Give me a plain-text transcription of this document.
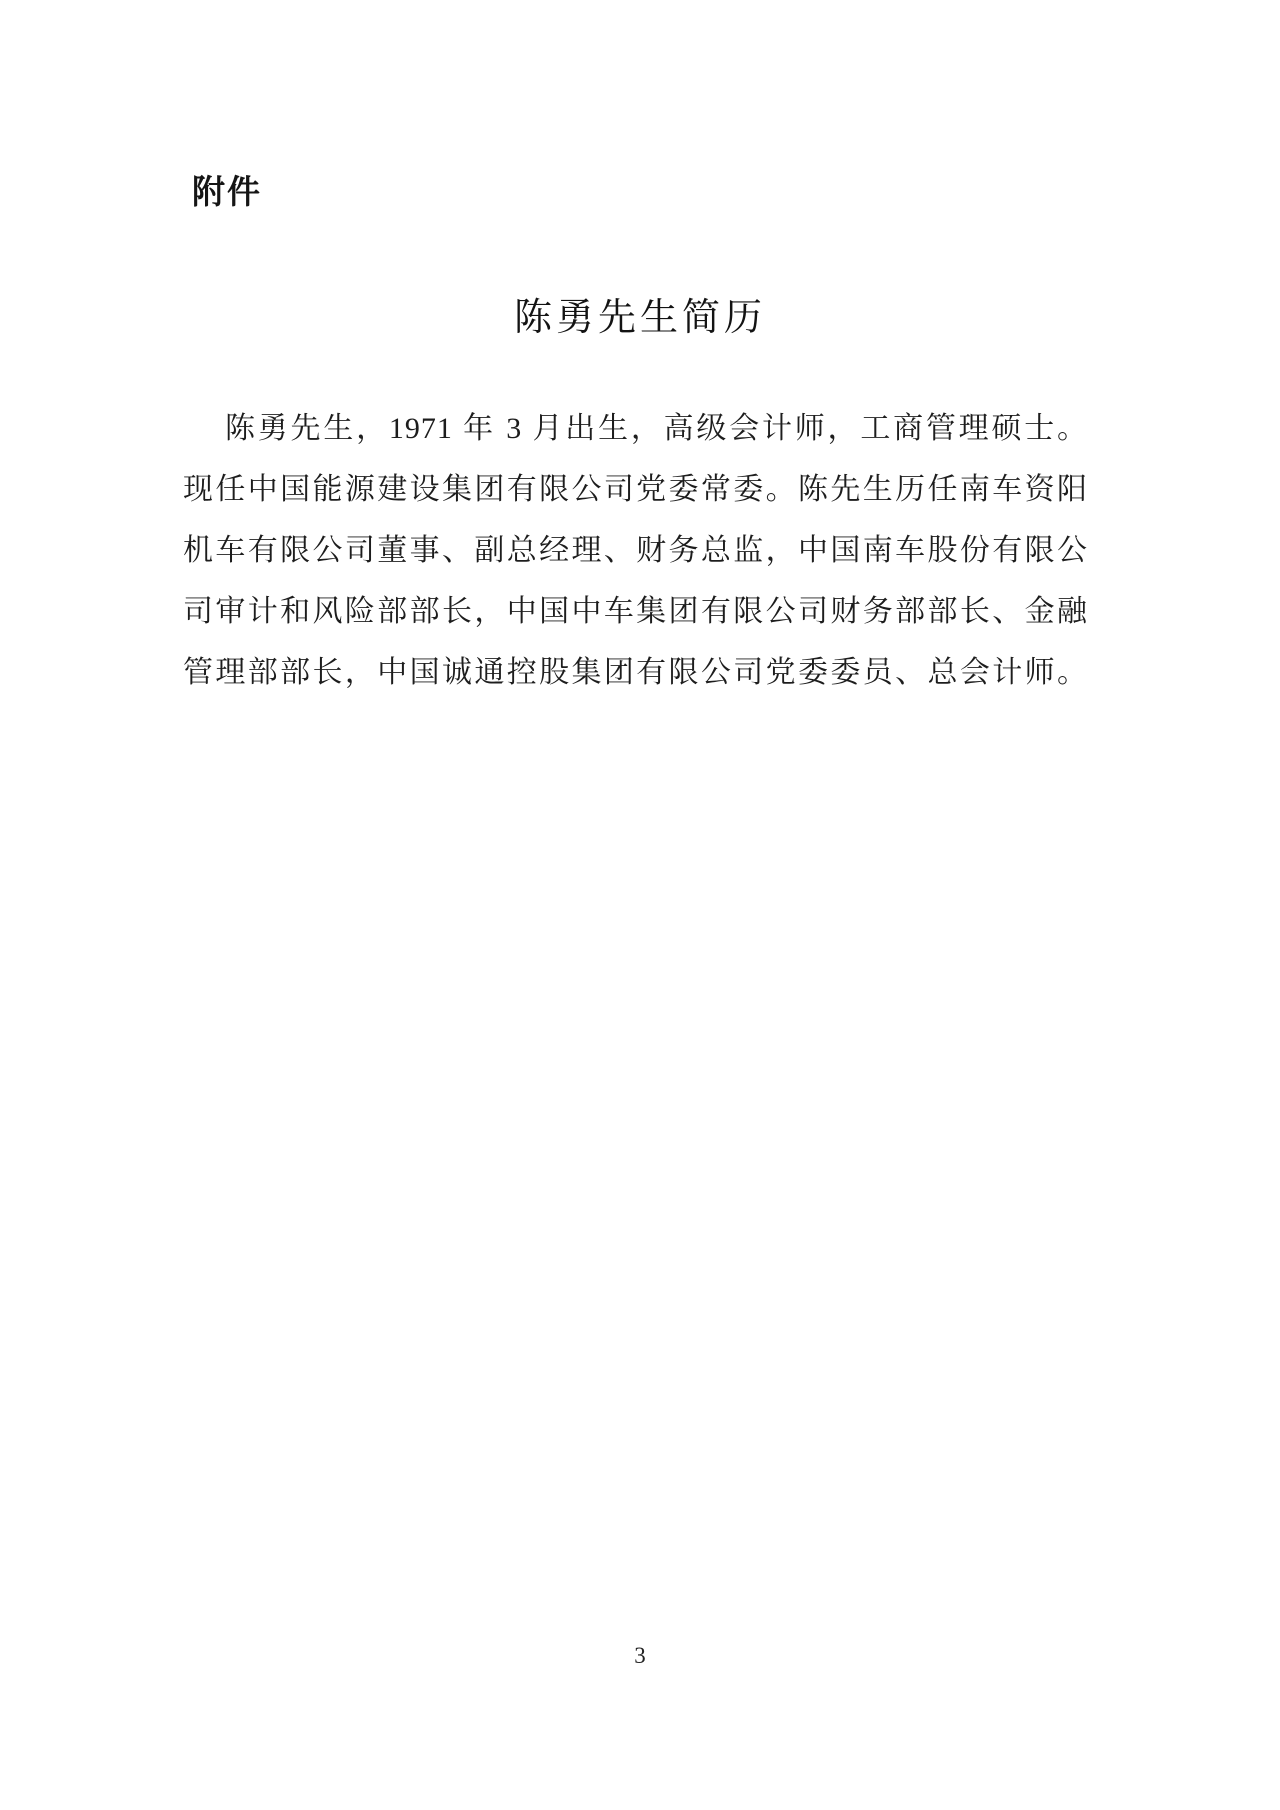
附件
陈勇先生简历
陈勇先生，1971 年 3 月出生，高级会计师，工商管理硕士。
现任中国能源建设集团有限公司党委常委。陈先生历任南车资阳
机车有限公司董事、副总经理、财务总监，中国南车股份有限公
司审计和风险部部长，中国中车集团有限公司财务部部长、金融
管理部部长，中国诚通控股集团有限公司党委委员、总会计师。
3
